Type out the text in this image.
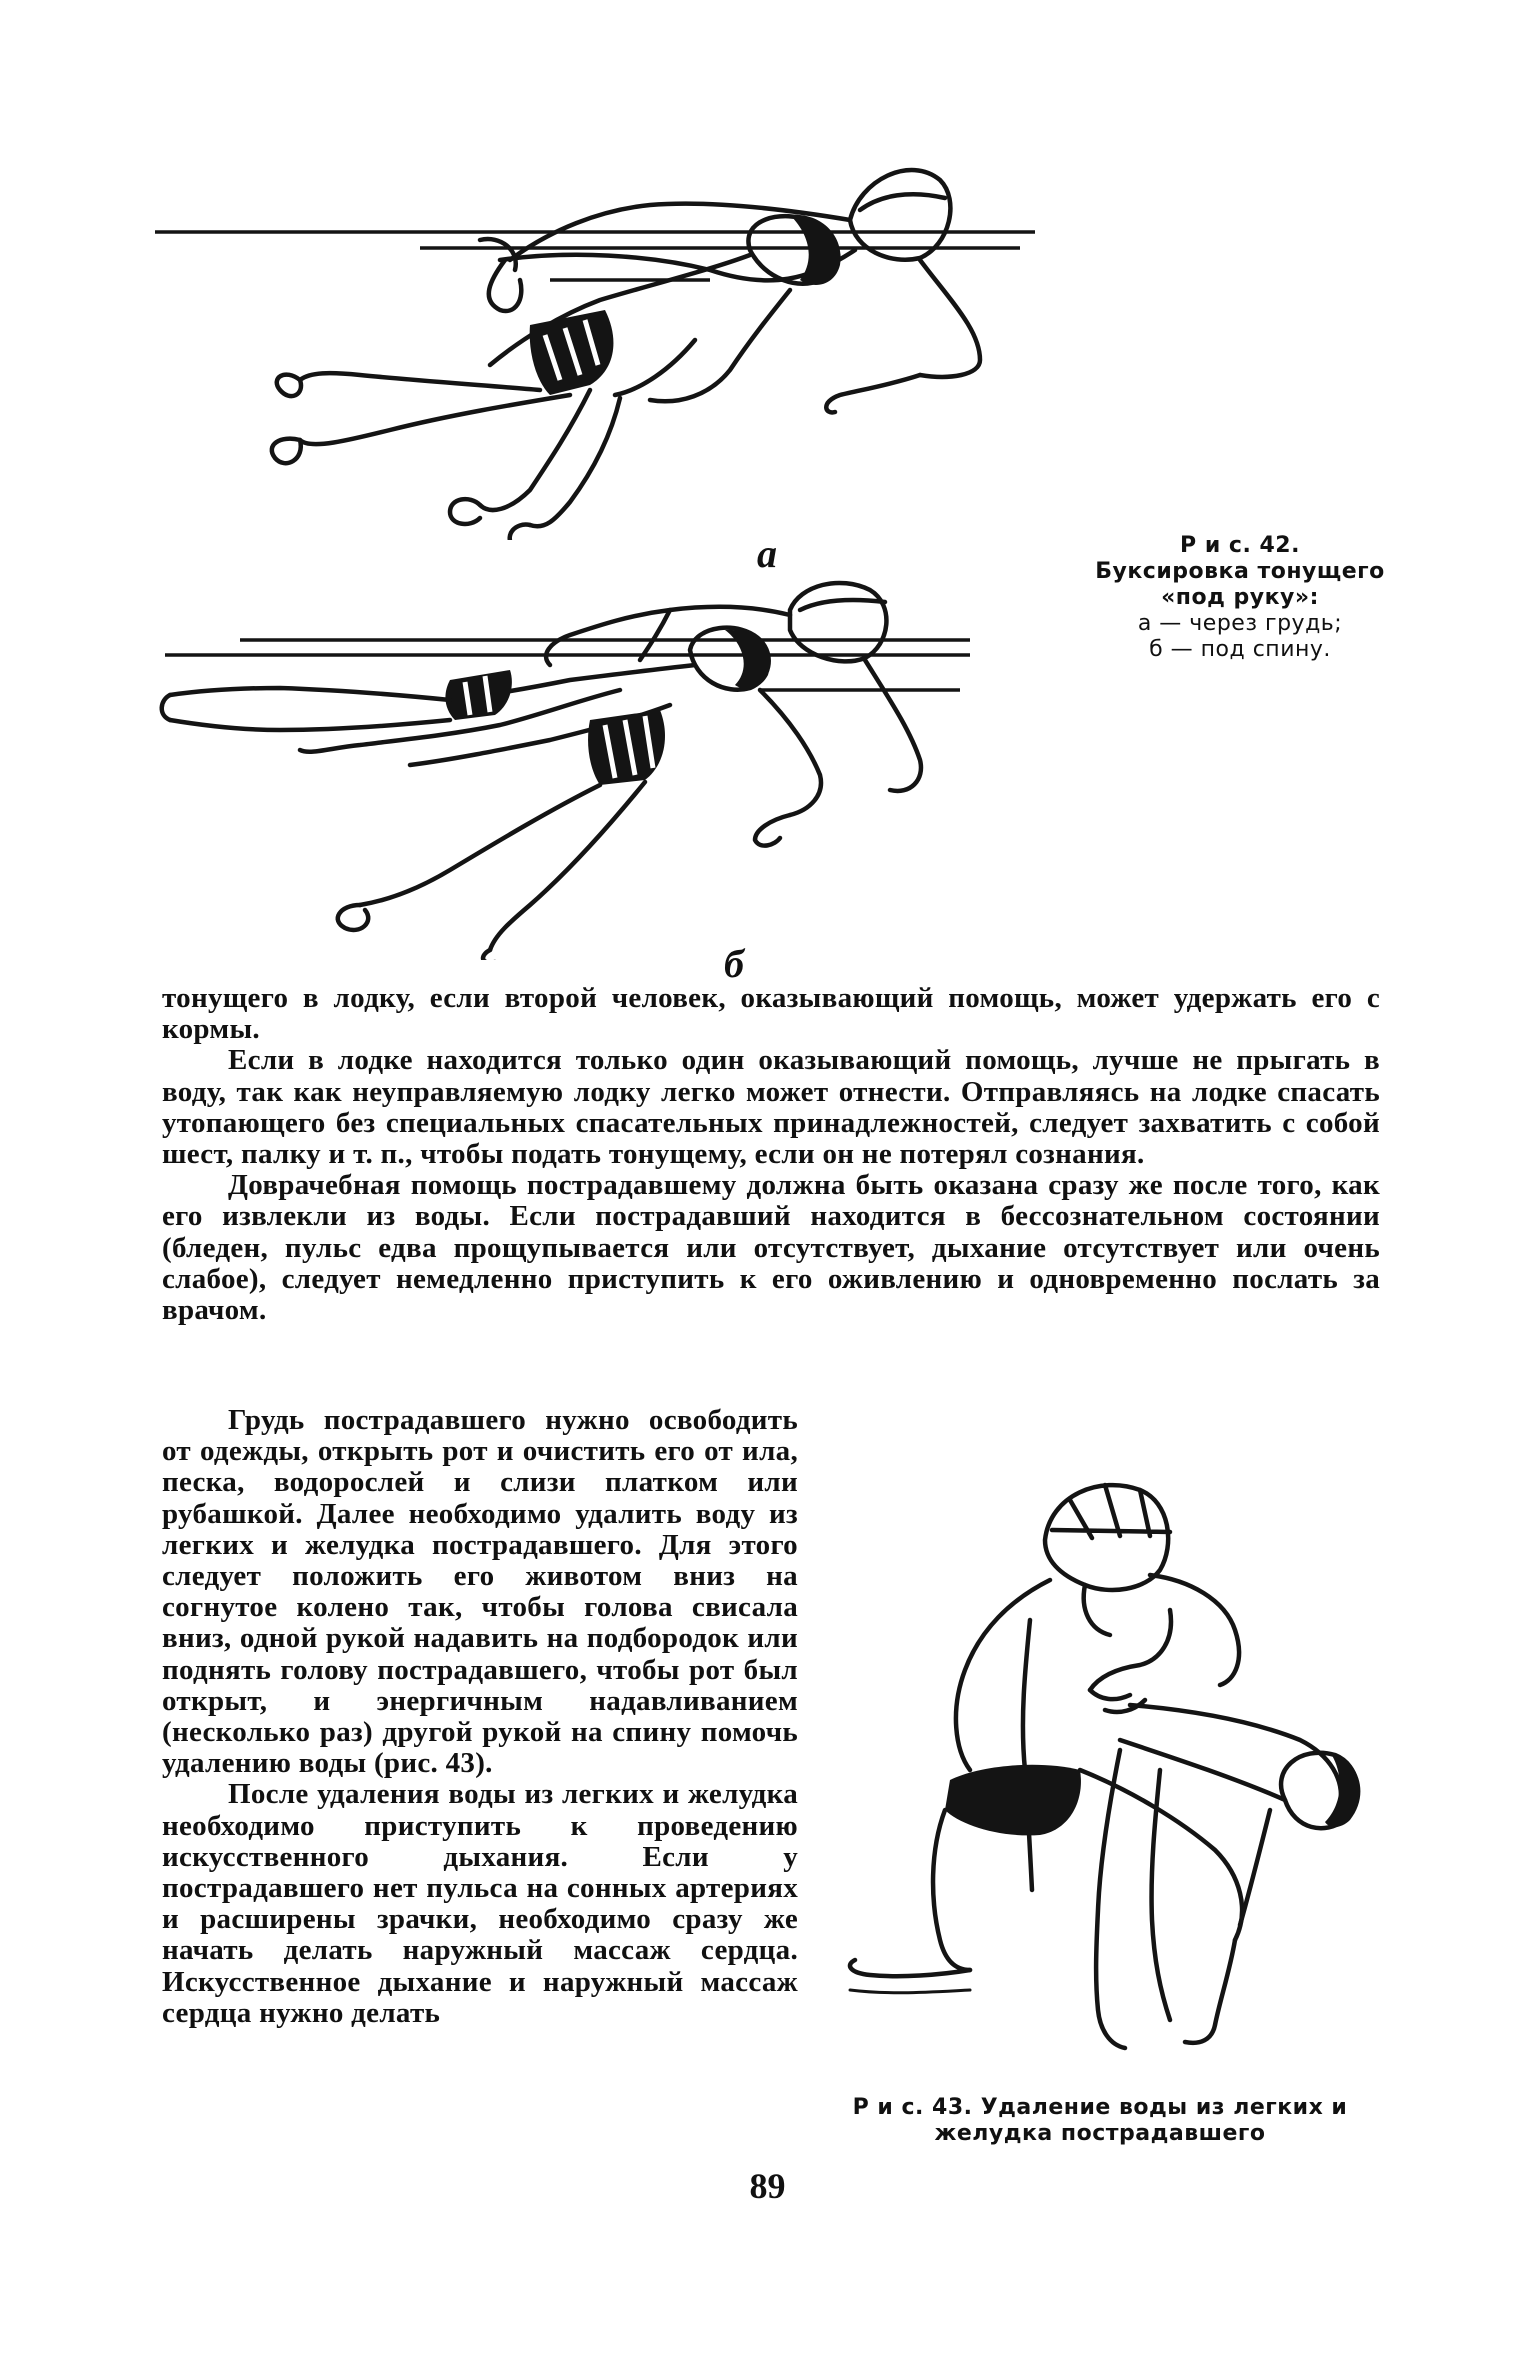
а
б
Р и с. 42.
Буксировка тонущего
«под руку»:
а — через грудь;
б — под спину.

тонущего в лодку, если второй человек, оказывающий помощь, может удержать его с кормы.

Если в лодке находится только один оказывающий помощь, лучше не прыгать в воду, так как неуправляемую лодку легко может отнести. Отправляясь на лодке спасать утопающего без специальных спасательных принадлежностей, следует захватить с собой шест, палку и т. п., чтобы подать тонущему, если он не потерял сознания.

Доврачебная помощь пострадавшему должна быть оказана сразу же после того, как его извлекли из воды. Если пострадавший находится в бессознательном состоянии (бледен, пульс едва прощупывается или отсутствует, дыхание отсутствует или очень слабое), следует немедленно приступить к его оживлению и одновременно послать за врачом.

Грудь пострадавшего нужно освободить от одежды, открыть рот и очистить его от ила, песка, водорослей и слизи платком или рубашкой. Далее необходимо удалить воду из легких и желудка пострадавшего. Для этого следует положить его животом вниз на согнутое колено так, чтобы голова свисала вниз, одной рукой надавить на подбородок или поднять голову пострадавшего, чтобы рот был открыт, и энергичным надавливанием (несколько раз) другой рукой на спину помочь удалению воды (рис. 43).

После удаления воды из легких и желудка необходимо приступить к проведению искусственного дыхания. Если у пострадавшего нет пульса на сонных артериях и расширены зрачки, необходимо сразу же начать делать наружный массаж сердца. Искусственное дыхание и наружный массаж сердца нужно делать

Р и с. 43. Удаление воды из легких и
желудка пострадавшего
89
